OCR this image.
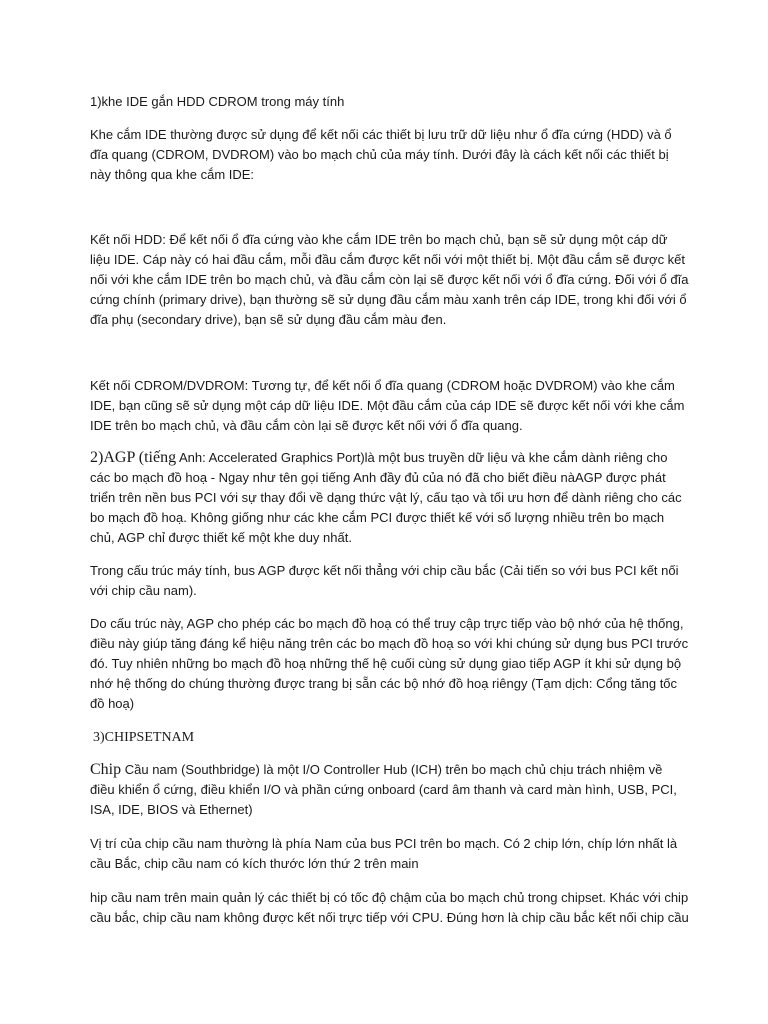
1)khe IDE gắn HDD CDROM trong máy tính

Khe cắm IDE thường được sử dụng để kết nối các thiết bị lưu trữ dữ liệu như ổ đĩa cứng (HDD) và ổ đĩa quang (CDROM, DVDROM) vào bo mạch chủ của máy tính. Dưới đây là cách kết nối các thiết bị này thông qua khe cắm IDE:

Kết nối HDD: Để kết nối ổ đĩa cứng vào khe cắm IDE trên bo mạch chủ, bạn sẽ sử dụng một cáp dữ liệu IDE. Cáp này có hai đầu cắm, mỗi đầu cắm được kết nối với một thiết bị. Một đầu cắm sẽ được kết nối với khe cắm IDE trên bo mạch chủ, và đầu cắm còn lại sẽ được kết nối với ổ đĩa cứng. Đối với ổ đĩa cứng chính (primary drive), bạn thường sẽ sử dụng đầu cắm màu xanh trên cáp IDE, trong khi đối với ổ đĩa phụ (secondary drive), bạn sẽ sử dụng đầu cắm màu đen.

Kết nối CDROM/DVDROM: Tương tự, để kết nối ổ đĩa quang (CDROM hoặc DVDROM) vào khe cắm IDE, bạn cũng sẽ sử dụng một cáp dữ liệu IDE. Một đầu cắm của cáp IDE sẽ được kết nối với khe cắm IDE trên bo mạch chủ, và đầu cắm còn lại sẽ được kết nối với ổ đĩa quang.

2)AGP (tiếng Anh: Accelerated Graphics Port)là một bus truyền dữ liệu và khe cắm dành riêng cho các bo mạch đồ hoạ - Ngay như tên gọi tiếng Anh đầy đủ của nó đã cho biết điều nàAGP được phát triển trên nền bus PCI với sự thay đổi về dạng thức vật lý, cấu tạo và tối ưu hơn để dành riêng cho các bo mạch đồ hoạ. Không giống như các khe cắm PCI được thiết kế với số lượng nhiều trên bo mạch chủ, AGP chỉ được thiết kế một khe duy nhất.

Trong cấu trúc máy tính, bus AGP được kết nối thẳng với chip cầu bắc (Cải tiến so với bus PCI kết nối với chip cầu nam).

Do cấu trúc này, AGP cho phép các bo mạch đồ hoạ có thể truy cập trực tiếp vào bộ nhớ của hệ thống, điều này giúp tăng đáng kể hiệu năng trên các bo mạch đồ hoạ so với khi chúng sử dụng bus PCI trước đó. Tuy nhiên những bo mạch đồ hoạ những thế hệ cuối cùng sử dụng giao tiếp AGP ít khi sử dụng bộ nhớ hệ thống do chúng thường được trang bị sẵn các bộ nhớ đồ hoạ riêngy (Tạm dịch: Cổng tăng tốc đồ hoạ)

3)CHIPSETNAM

Chip Cầu nam (Southbridge) là một I/O Controller Hub (ICH) trên bo mạch chủ chịu trách nhiệm về điều khiển ổ cứng, điều khiển I/O và phần cứng onboard (card âm thanh và card màn hình, USB, PCI, ISA, IDE, BIOS và Ethernet)

Vị trí của chip cầu nam thường là phía Nam của bus PCI trên bo mạch. Có 2 chip lớn, chíp lớn nhất là cầu Bắc, chip cầu nam có kích thước lớn thứ 2 trên main

hip cầu nam trên main quản lý các thiết bị có tốc độ chậm của bo mạch chủ trong chipset. Khác với chip cầu bắc, chip cầu nam không được kết nối trực tiếp với CPU. Đúng hơn là chip cầu bắc kết nối chip cầu
